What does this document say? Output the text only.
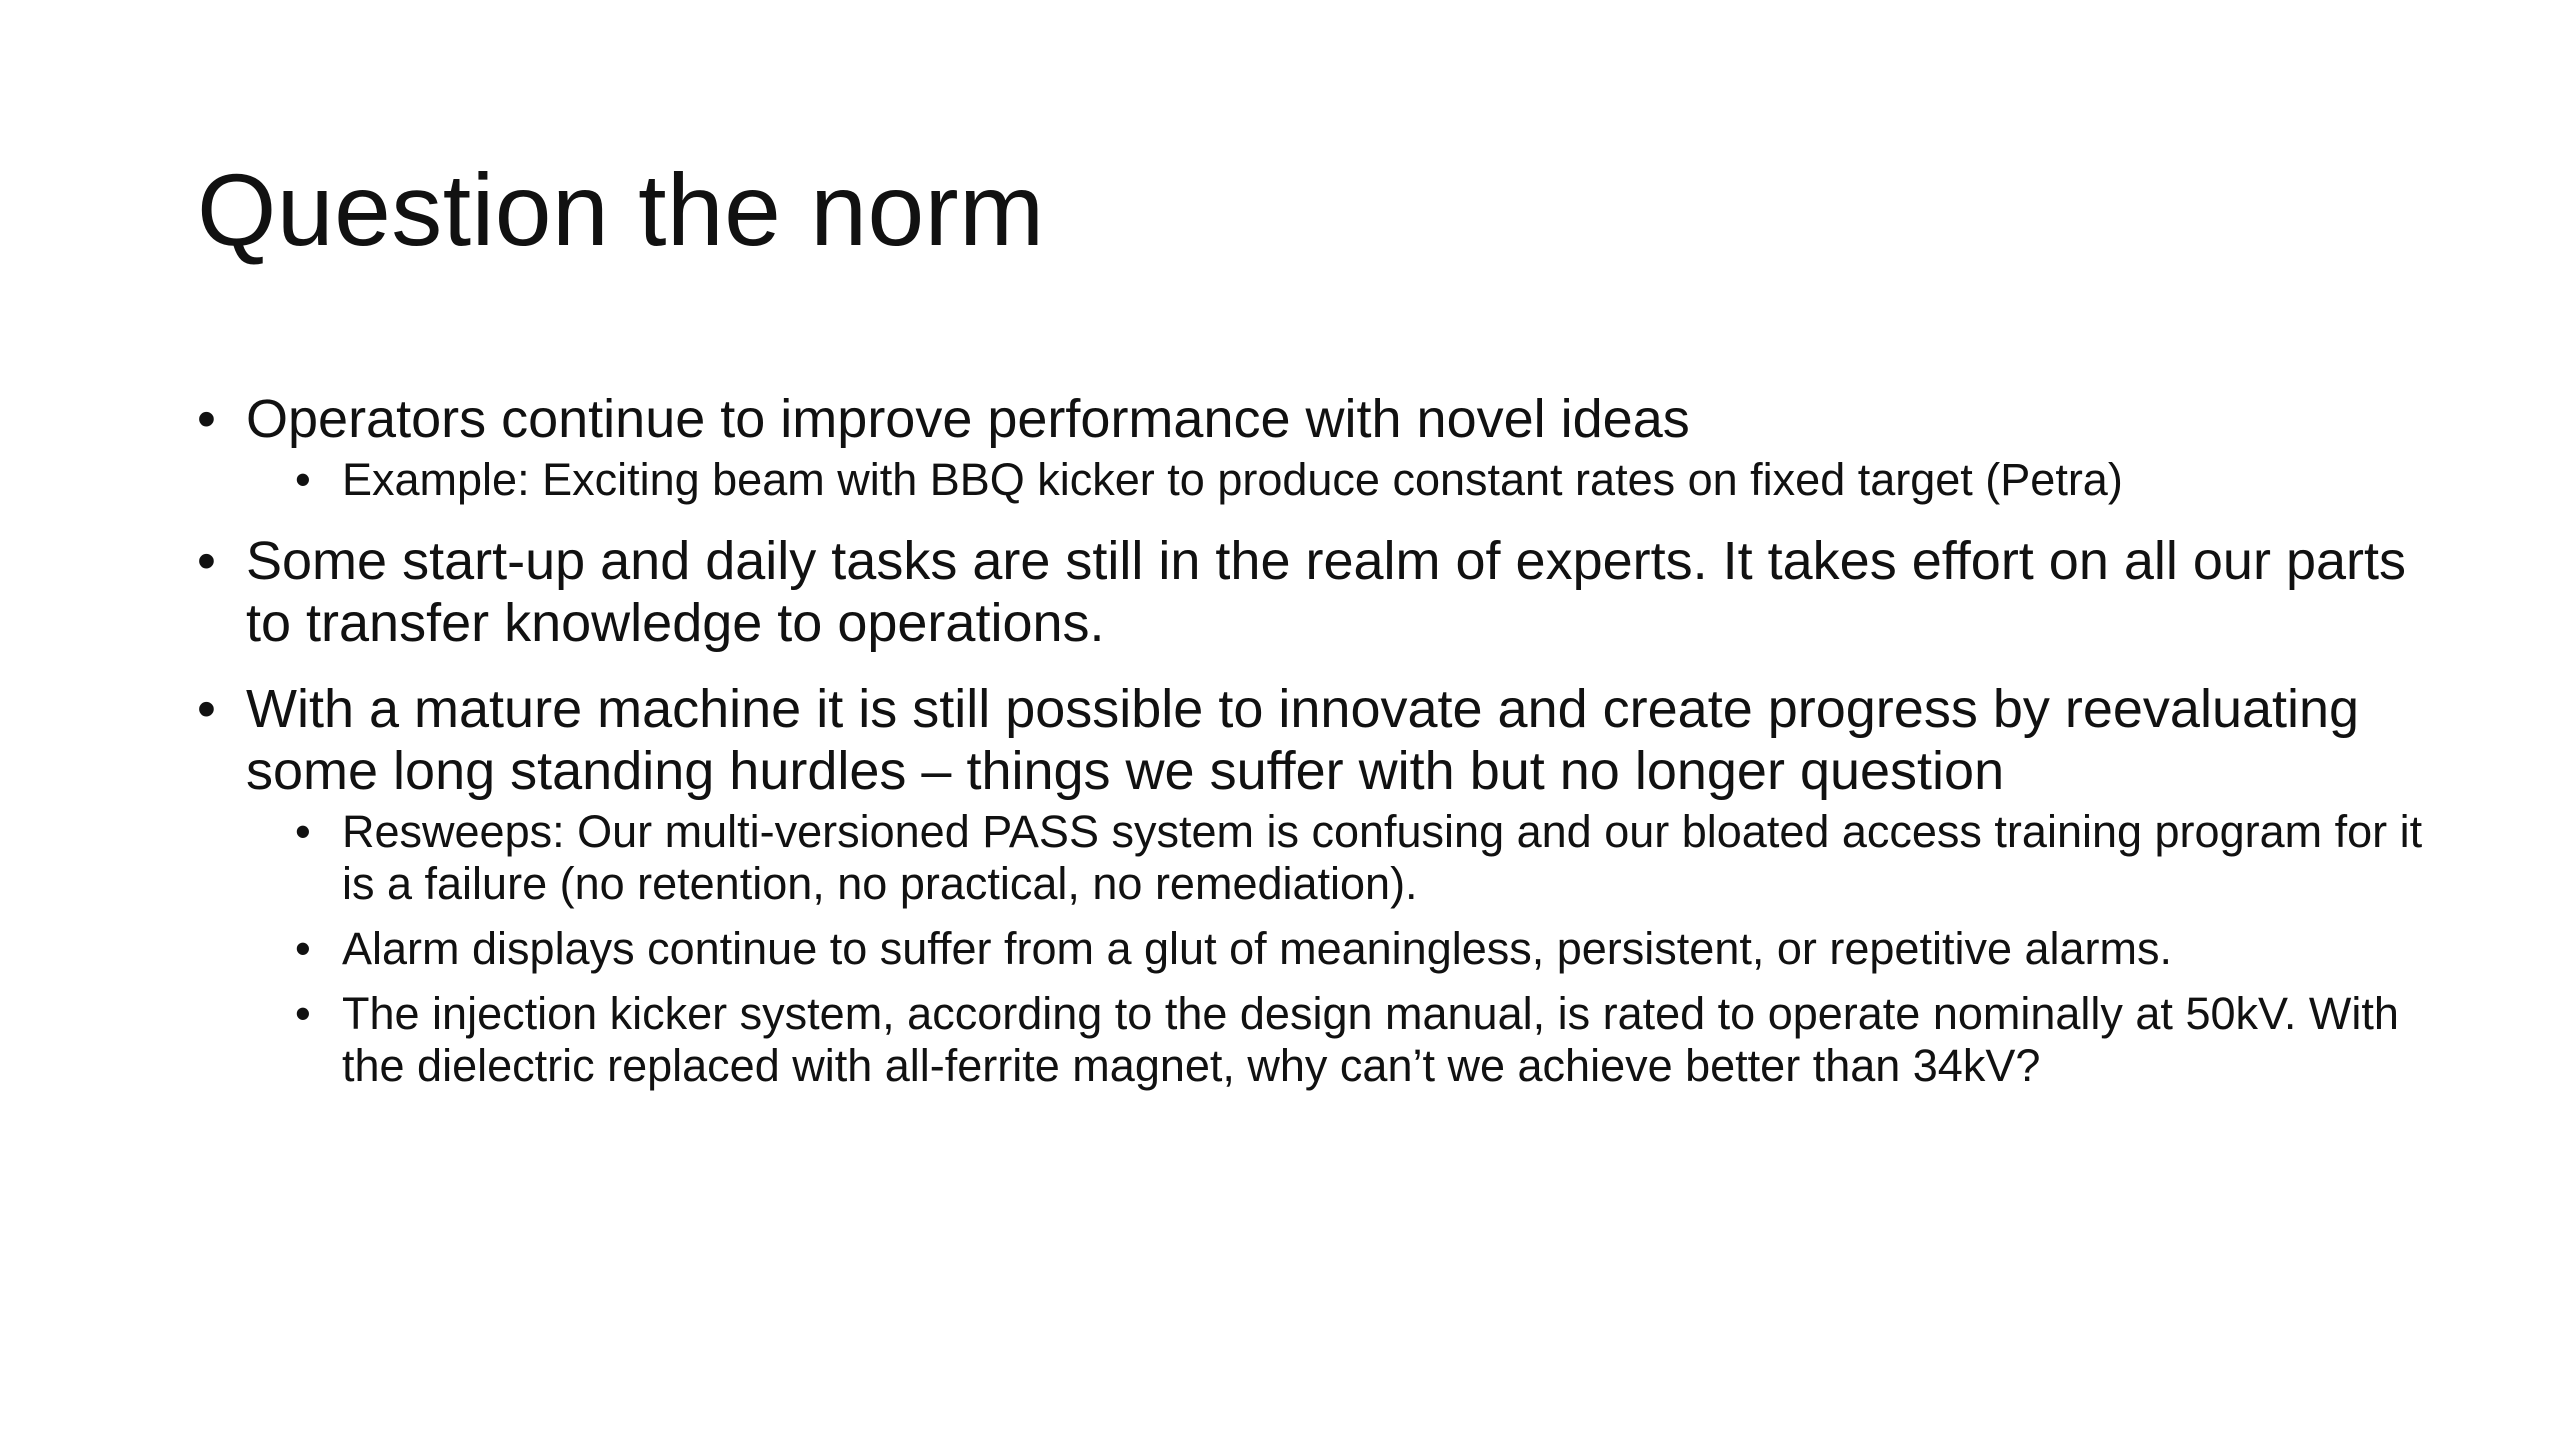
Question the norm
• Operators continue to improve performance with novel ideas
• Example: Exciting beam with BBQ kicker to produce constant rates on fixed target (Petra)
• Some start-up and daily tasks are still in the realm of experts. It takes effort on all our parts to transfer knowledge to operations.
• With a mature machine it is still possible to innovate and create progress by reevaluating some long standing hurdles – things we suffer with but no longer question
• Resweeps: Our multi-versioned PASS system is confusing and our bloated access training program for it is a failure (no retention, no practical, no remediation).
• Alarm displays continue to suffer from a glut of meaningless, persistent, or repetitive alarms.
• The injection kicker system, according to the design manual, is rated to operate nominally at 50kV. With the dielectric replaced with all-ferrite magnet, why can’t we achieve better than 34kV?
